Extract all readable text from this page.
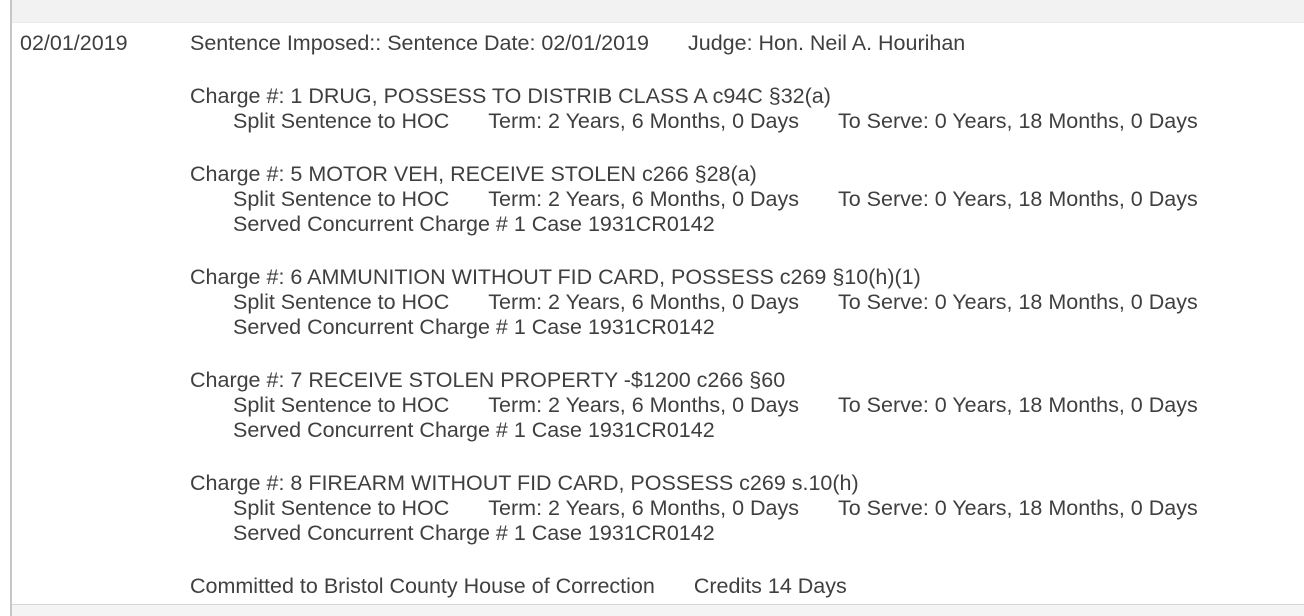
02/01/2019	Sentence Imposed:: Sentence Date: 02/01/2019 Judge: Hon. Neil A. Hourihan
Charge #: 1 DRUG, POSSESS TO DISTRIB CLASS A c94C §32(a)
Split Sentence to HOC Term: 2 Years, 6 Months, 0 Days To Serve: 0 Years, 18 Months, 0 Days
Charge #: 5 MOTOR VEH, RECEIVE STOLEN c266 §28(a)
Split Sentence to HOC Term: 2 Years, 6 Months, 0 Days To Serve: 0 Years, 18 Months, 0 Days
Served Concurrent Charge # 1 Case 1931CR0142
Charge #: 6 AMMUNITION WITHOUT FID CARD, POSSESS c269 §10(h)(1)
Split Sentence to HOC Term: 2 Years, 6 Months, 0 Days To Serve: 0 Years, 18 Months, 0 Days
Served Concurrent Charge # 1 Case 1931CR0142
Charge #: 7 RECEIVE STOLEN PROPERTY -$1200 c266 §60
Split Sentence to HOC Term: 2 Years, 6 Months, 0 Days To Serve: 0 Years, 18 Months, 0 Days
Served Concurrent Charge # 1 Case 1931CR0142
Charge #: 8 FIREARM WITHOUT FID CARD, POSSESS c269 s.10(h)
Split Sentence to HOC Term: 2 Years, 6 Months, 0 Days To Serve: 0 Years, 18 Months, 0 Days
Served Concurrent Charge # 1 Case 1931CR0142
Committed to Bristol County House of Correction Credits 14 Days
